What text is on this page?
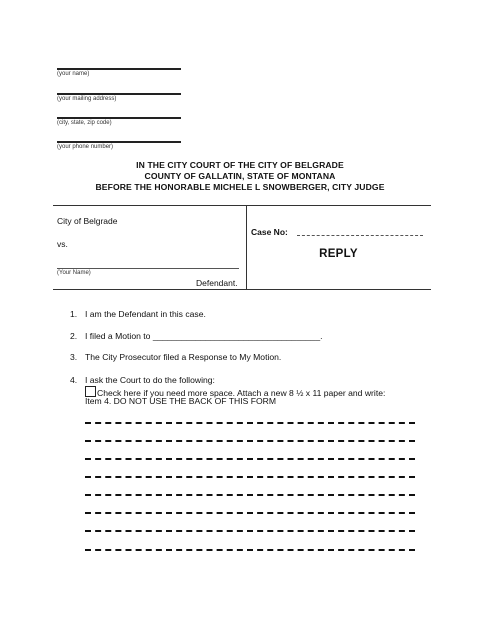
(your name)
(your mailing address)
(city, state, zip code)
(your phone number)
IN THE CITY COURT OF THE CITY OF BELGRADE
COUNTY OF GALLATIN, STATE OF MONTANA
BEFORE THE HONORABLE MICHELE L SNOWBERGER, CITY JUDGE
City of Belgrade
vs.
(Your Name)
Defendant.
Case No:
REPLY
1. I am the Defendant in this case.
2. I filed a Motion to ___________________________________.
3. The City Prosecutor filed a Response to My Motion.
4. I ask the Court to do the following:
Check here if you need more space. Attach a new 8 ½ x 11 paper and write:
Item 4. DO NOT USE THE BACK OF THIS FORM
